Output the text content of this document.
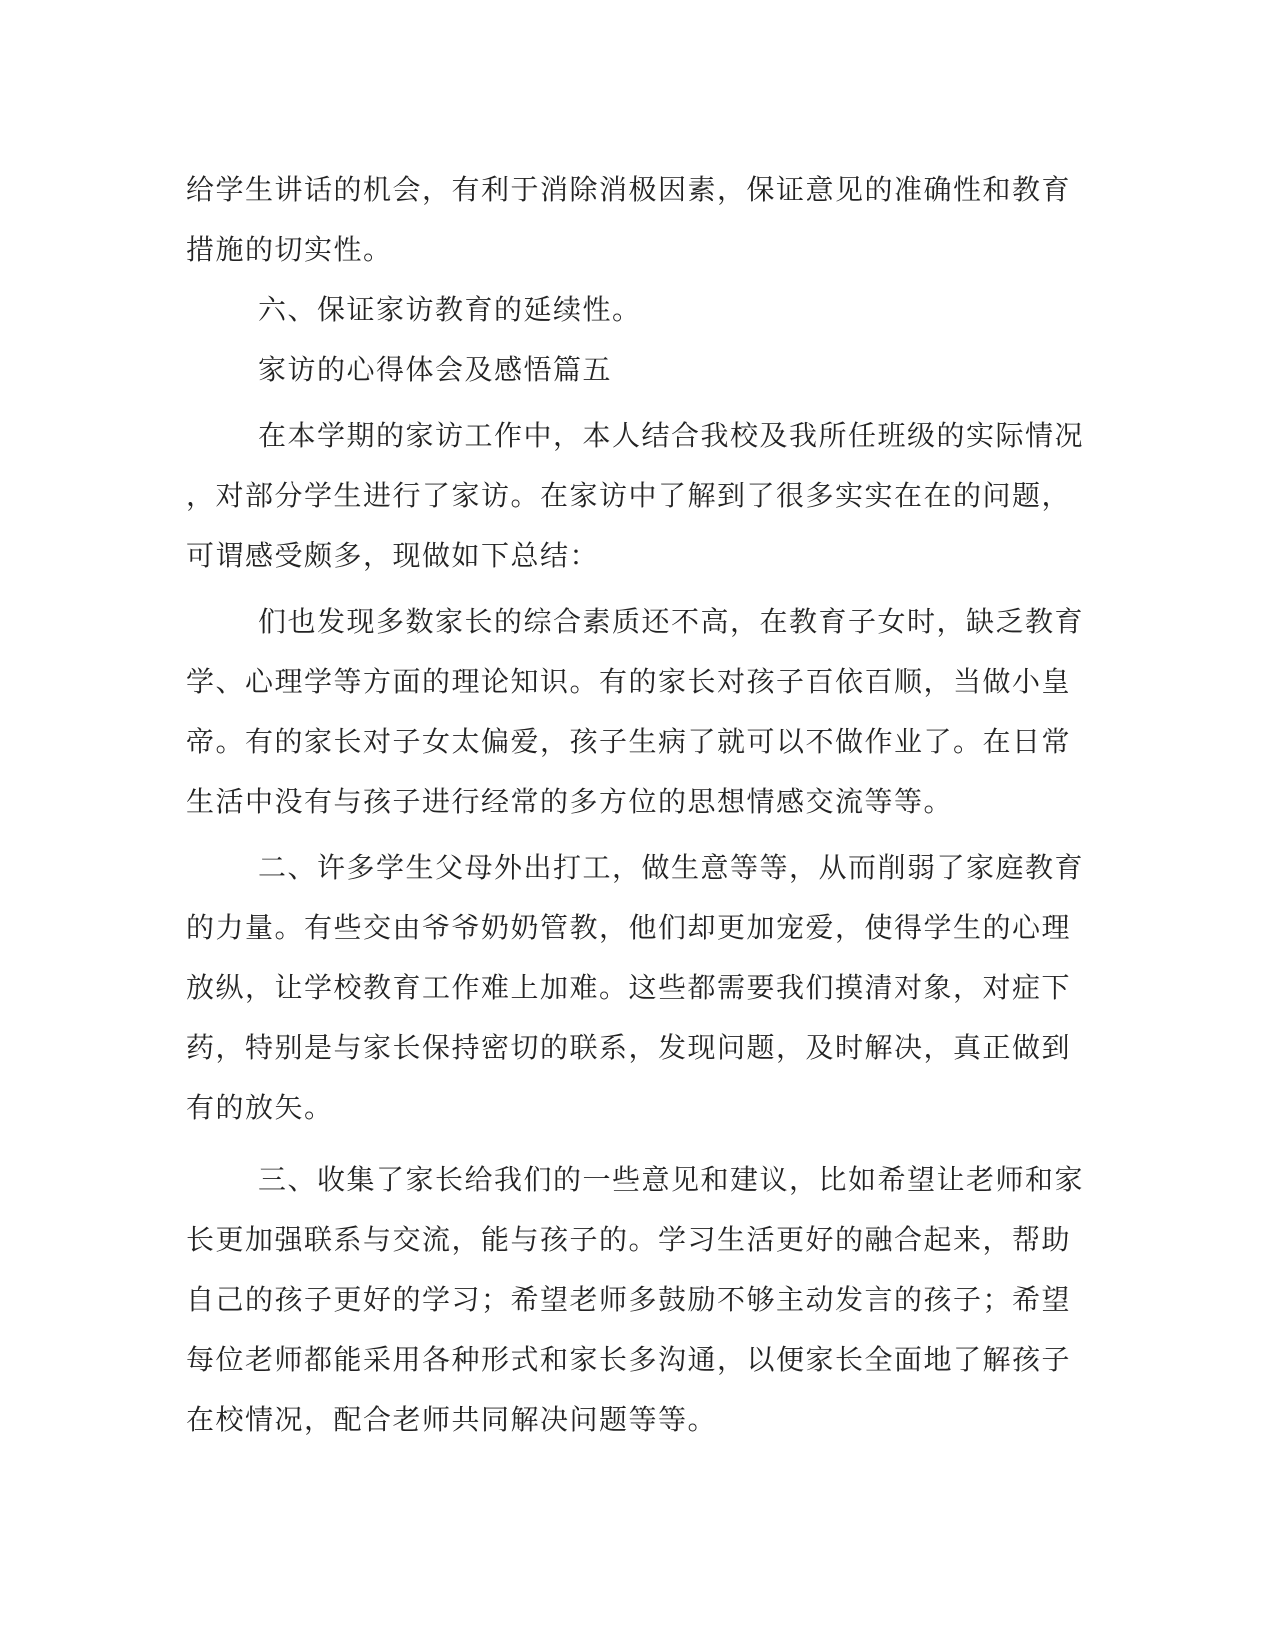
给学生讲话的机会，有利于消除消极因素，保证意见的准确性和教育
措施的切实性。

六、保证家访教育的延续性。

家访的心得体会及感悟篇五

在本学期的家访工作中，本人结合我校及我所任班级的实际情况
，对部分学生进行了家访。在家访中了解到了很多实实在在的问题，
可谓感受颇多，现做如下总结：

们也发现多数家长的综合素质还不高，在教育子女时，缺乏教育
学、心理学等方面的理论知识。有的家长对孩子百依百顺，当做小皇
帝。有的家长对子女太偏爱，孩子生病了就可以不做作业了。在日常
生活中没有与孩子进行经常的多方位的思想情感交流等等。

二、许多学生父母外出打工，做生意等等，从而削弱了家庭教育
的力量。有些交由爷爷奶奶管教，他们却更加宠爱，使得学生的心理
放纵，让学校教育工作难上加难。这些都需要我们摸清对象，对症下
药，特别是与家长保持密切的联系，发现问题，及时解决，真正做到
有的放矢。

三、收集了家长给我们的一些意见和建议，比如希望让老师和家
长更加强联系与交流，能与孩子的。学习生活更好的融合起来，帮助
自己的孩子更好的学习；希望老师多鼓励不够主动发言的孩子；希望
每位老师都能采用各种形式和家长多沟通，以便家长全面地了解孩子
在校情况，配合老师共同解决问题等等。
